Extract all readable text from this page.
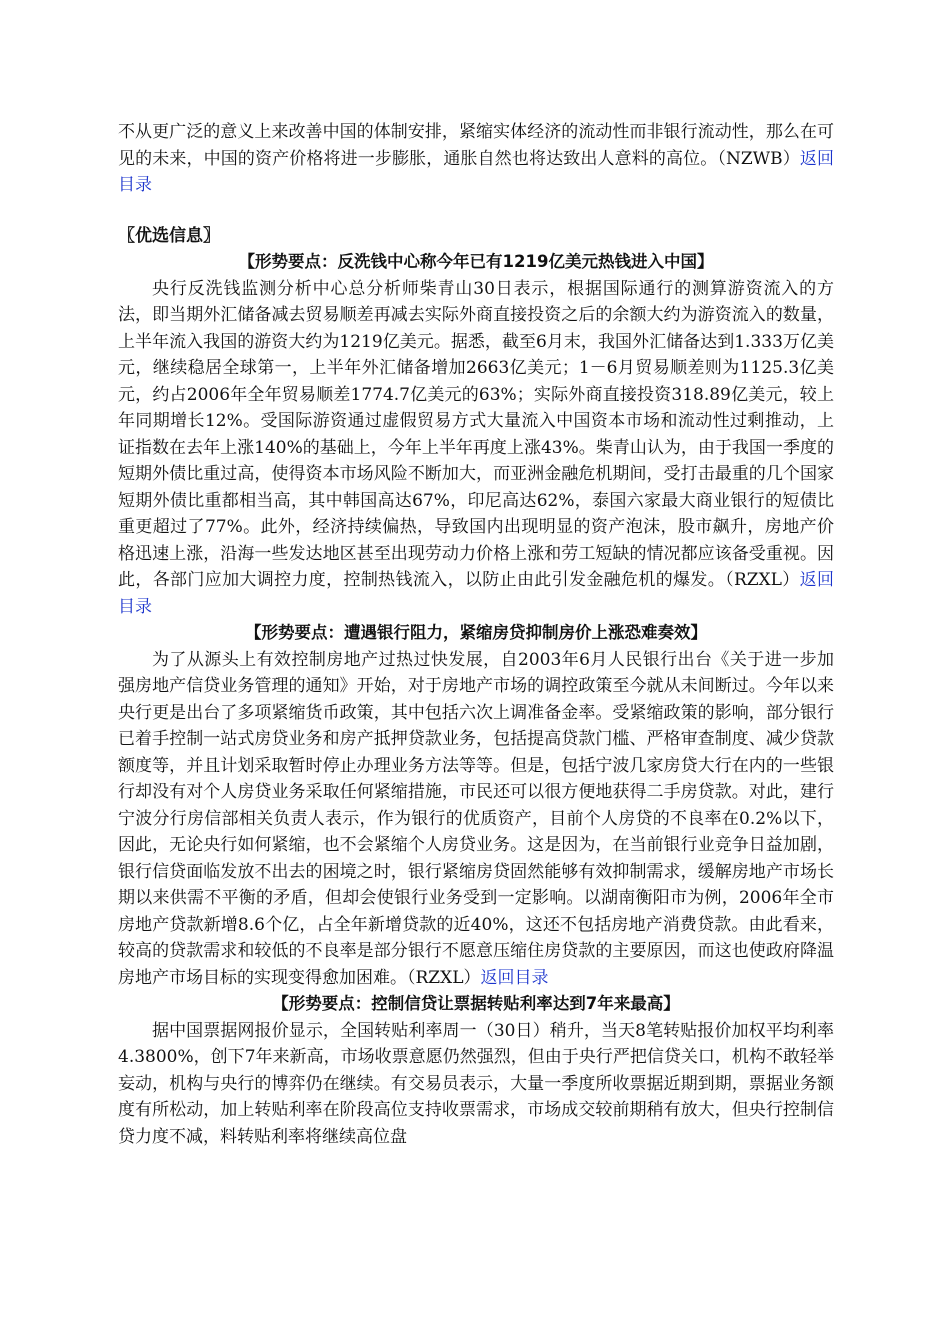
不从更广泛的意义上来改善中国的体制安排，紧缩实体经济的流动性而非银行流动性，那么在可见的未来，中国的资产价格将进一步膨胀，通胀自然也将达致出人意料的高位。（NZWB）返回目录

〖优选信息〗

【形势要点：反洗钱中心称今年已有1219亿美元热钱进入中国】

央行反洗钱监测分析中心总分析师柴青山30日表示，根据国际通行的测算游资流入的方法，即当期外汇储备减去贸易顺差再减去实际外商直接投资之后的余额大约为游资流入的数量，上半年流入我国的游资大约为1219亿美元。据悉，截至6月末，我国外汇储备达到1.333万亿美元，继续稳居全球第一，上半年外汇储备增加2663亿美元；1－6月贸易顺差则为1125.3亿美元，约占2006年全年贸易顺差1774.7亿美元的63%；实际外商直接投资318.89亿美元，较上年同期增长12%。受国际游资通过虚假贸易方式大量流入中国资本市场和流动性过剩推动，上证指数在去年上涨140%的基础上，今年上半年再度上涨43%。柴青山认为，由于我国一季度的短期外债比重过高，使得资本市场风险不断加大，而亚洲金融危机期间，受打击最重的几个国家短期外债比重都相当高，其中韩国高达67%，印尼高达62%，泰国六家最大商业银行的短债比重更超过了77%。此外，经济持续偏热，导致国内出现明显的资产泡沫，股市飙升，房地产价格迅速上涨，沿海一些发达地区甚至出现劳动力价格上涨和劳工短缺的情况都应该备受重视。因此，各部门应加大调控力度，控制热钱流入，以防止由此引发金融危机的爆发。（RZXL）返回目录

【形势要点：遭遇银行阻力，紧缩房贷抑制房价上涨恐难奏效】

为了从源头上有效控制房地产过热过快发展，自2003年6月人民银行出台《关于进一步加强房地产信贷业务管理的通知》开始，对于房地产市场的调控政策至今就从未间断过。今年以来央行更是出台了多项紧缩货币政策，其中包括六次上调准备金率。受紧缩政策的影响，部分银行已着手控制一站式房贷业务和房产抵押贷款业务，包括提高贷款门槛、严格审查制度、减少贷款额度等，并且计划采取暂时停止办理业务方法等等。但是，包括宁波几家房贷大行在内的一些银行却没有对个人房贷业务采取任何紧缩措施，市民还可以很方便地获得二手房贷款。对此，建行宁波分行房信部相关负责人表示，作为银行的优质资产，目前个人房贷的不良率在0.2%以下，因此，无论央行如何紧缩，也不会紧缩个人房贷业务。这是因为，在当前银行业竞争日益加剧，银行信贷面临发放不出去的困境之时，银行紧缩房贷固然能够有效抑制需求，缓解房地产市场长期以来供需不平衡的矛盾，但却会使银行业务受到一定影响。以湖南衡阳市为例，2006年全市房地产贷款新增8.6个亿，占全年新增贷款的近40%，这还不包括房地产消费贷款。由此看来，较高的贷款需求和较低的不良率是部分银行不愿意压缩住房贷款的主要原因，而这也使政府降温房地产市场目标的实现变得愈加困难。（RZXL）返回目录

【形势要点：控制信贷让票据转贴利率达到7年来最高】

据中国票据网报价显示，全国转贴利率周一（30日）稍升，当天8笔转贴报价加权平均利率4.3800%，创下7年来新高，市场收票意愿仍然强烈，但由于央行严把信贷关口，机构不敢轻举妄动，机构与央行的博弈仍在继续。有交易员表示，大量一季度所收票据近期到期，票据业务额度有所松动，加上转贴利率在阶段高位支持收票需求，市场成交较前期稍有放大，但央行控制信贷力度不减，料转贴利率将继续高位盘
